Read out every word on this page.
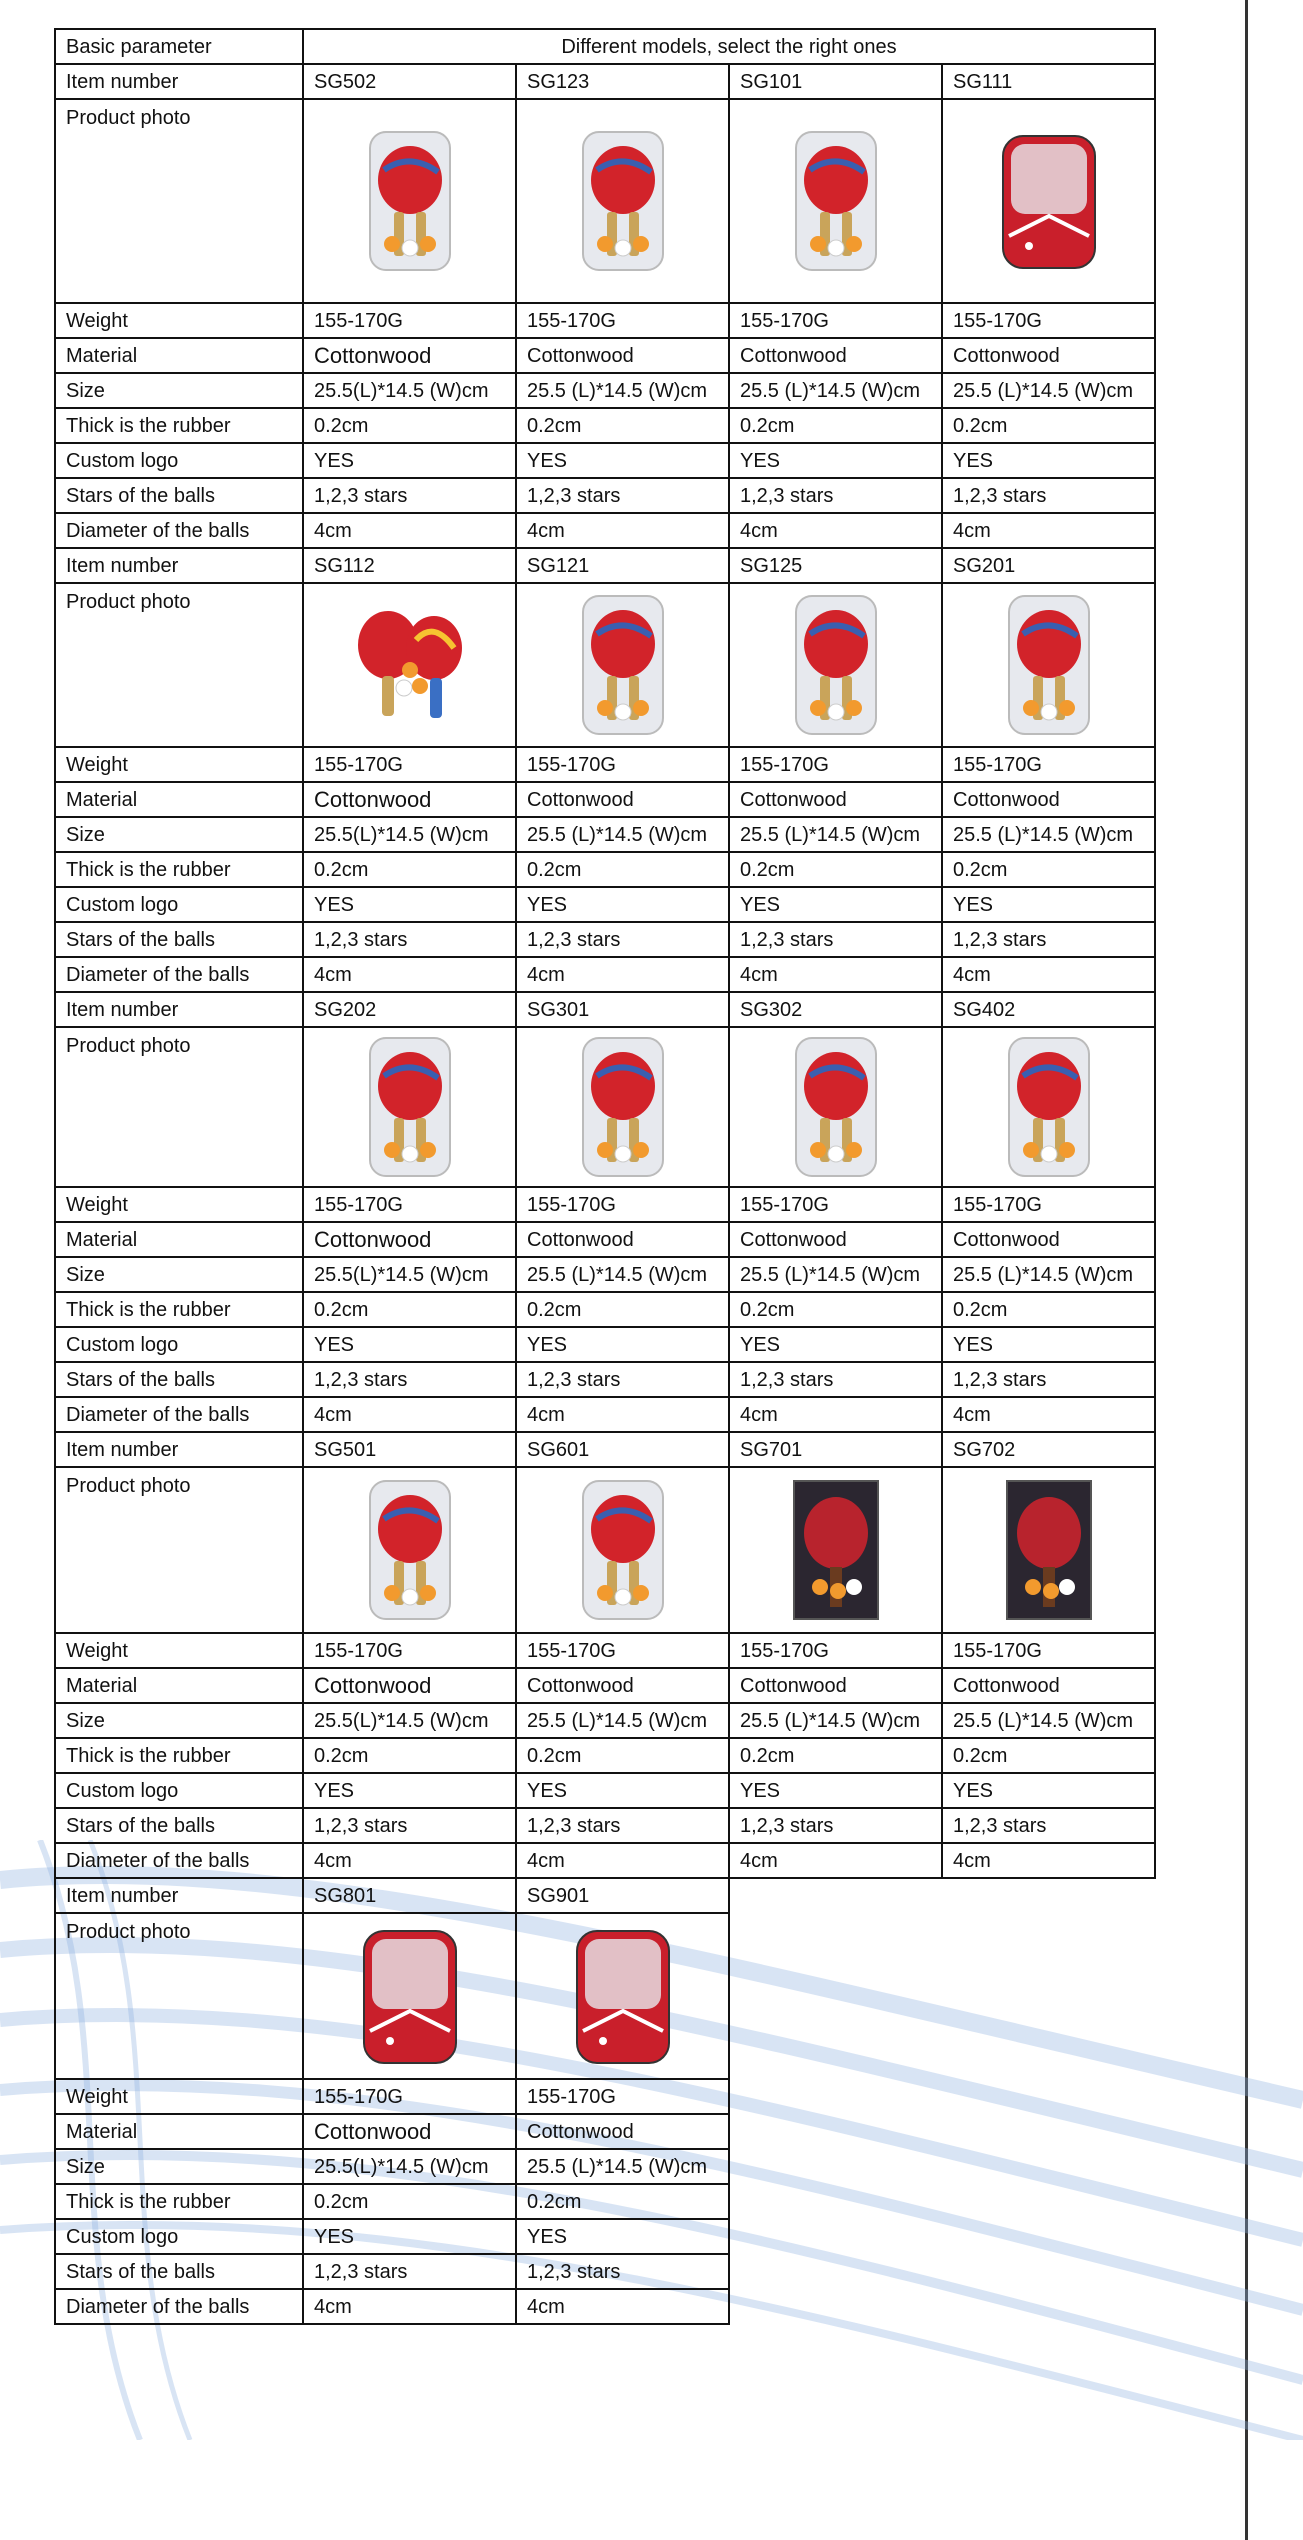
Basic parameter	Different models, select the right ones			
Item number	SG502	SG123	SG101	SG111
Product photo	

Weight	155-170G	155-170G	155-170G	155-170G
Material	Cottonwood	Cottonwood	Cottonwood	Cottonwood
Size	25.5(L)*14.5 (W)cm	25.5 (L)*14.5 (W)cm	25.5 (L)*14.5 (W)cm	25.5 (L)*14.5 (W)cm
Thick is the rubber	0.2cm	0.2cm	0.2cm	0.2cm
Custom logo	YES	YES	YES	YES
Stars of the balls	1,2,3 stars	1,2,3 stars	1,2,3 stars	1,2,3 stars
Diameter of the balls	4cm	4cm	4cm	4cm
Item number	SG112	SG121	SG125	SG201
Product photo	

Weight	155-170G	155-170G	155-170G	155-170G
Material	Cottonwood	Cottonwood	Cottonwood	Cottonwood
Size	25.5(L)*14.5 (W)cm	25.5 (L)*14.5 (W)cm	25.5 (L)*14.5 (W)cm	25.5 (L)*14.5 (W)cm
Thick is the rubber	0.2cm	0.2cm	0.2cm	0.2cm
Custom logo	YES	YES	YES	YES
Stars of the balls	1,2,3 stars	1,2,3 stars	1,2,3 stars	1,2,3 stars
Diameter of the balls	4cm	4cm	4cm	4cm
Item number	SG202	SG301	SG302	SG402
Product photo	

Weight	155-170G	155-170G	155-170G	155-170G
Material	Cottonwood	Cottonwood	Cottonwood	Cottonwood
Size	25.5(L)*14.5 (W)cm	25.5 (L)*14.5 (W)cm	25.5 (L)*14.5 (W)cm	25.5 (L)*14.5 (W)cm
Thick is the rubber	0.2cm	0.2cm	0.2cm	0.2cm
Custom logo	YES	YES	YES	YES
Stars of the balls	1,2,3 stars	1,2,3 stars	1,2,3 stars	1,2,3 stars
Diameter of the balls	4cm	4cm	4cm	4cm
Item number	SG501	SG601	SG701	SG702
Product photo	

Weight	155-170G	155-170G	155-170G	155-170G
Material	Cottonwood	Cottonwood	Cottonwood	Cottonwood
Size	25.5(L)*14.5 (W)cm	25.5 (L)*14.5 (W)cm	25.5 (L)*14.5 (W)cm	25.5 (L)*14.5 (W)cm
Thick is the rubber	0.2cm	0.2cm	0.2cm	0.2cm
Custom logo	YES	YES	YES	YES
Stars of the balls	1,2,3 stars	1,2,3 stars	1,2,3 stars	1,2,3 stars
Diameter of the balls	4cm	4cm	4cm	4cm
Item number	SG801	SG901		
Product photo	

Weight	155-170G	155-170G		
Material	Cottonwood	Cottonwood		
Size	25.5(L)*14.5 (W)cm	25.5 (L)*14.5 (W)cm		
Thick is the rubber	0.2cm	0.2cm		
Custom logo	YES	YES		
Stars of the balls	1,2,3 stars	1,2,3 stars		
Diameter of the balls	4cm	4cm		
